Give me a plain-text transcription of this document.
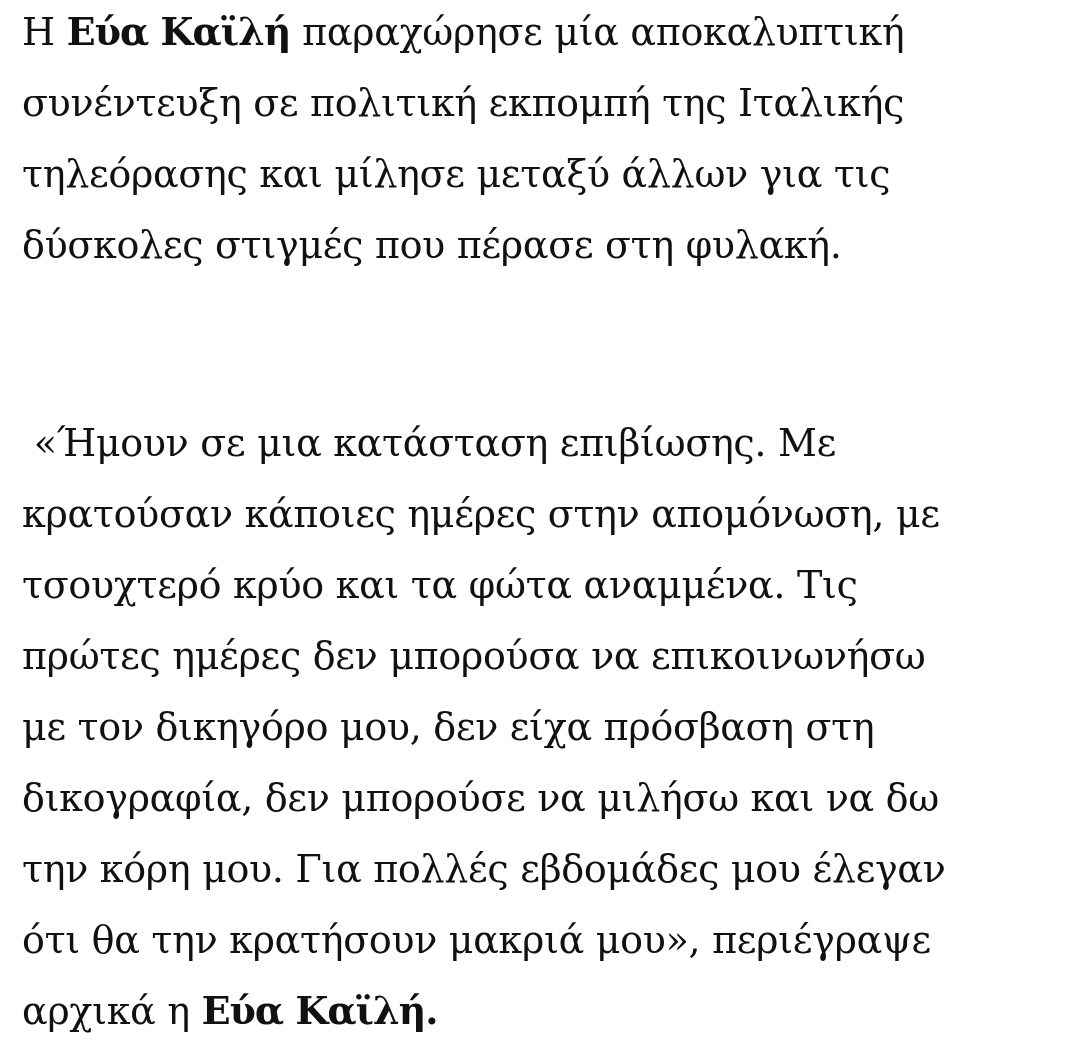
Η Εύα Καϊλή παραχώρησε μία αποκαλυπτική
συνέντευξη σε πολιτική εκπομπή της Ιταλικής
τηλεόρασης και μίλησε μεταξύ άλλων για τις
δύσκολες στιγμές που πέρασε στη φυλακή.
«Ήμουν σε μια κατάσταση επιβίωσης. Με
κρατούσαν κάποιες ημέρες στην απομόνωση, με
τσουχτερό κρύο και τα φώτα αναμμένα. Τις
πρώτες ημέρες δεν μπορούσα να επικοινωνήσω
με τον δικηγόρο μου, δεν είχα πρόσβαση στη
δικογραφία, δεν μπορούσε να μιλήσω και να δω
την κόρη μου. Για πολλές εβδομάδες μου έλεγαν
ότι θα την κρατήσουν μακριά μου», περιέγραψε
αρχικά η Εύα Καϊλή.
